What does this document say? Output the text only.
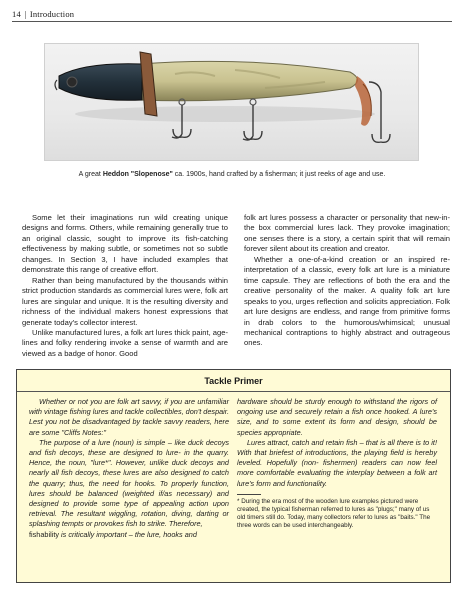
14 | Introduction
A great Heddon "Slopenose" ca. 1900s, hand crafted by a fisherman; it just reeks of age and use.

Some let their imaginations run wild creating unique designs and forms. Others, while remaining generally true to an original classic, sought to improve its fish-catching effectiveness by making subtle, or sometimes not so subtle changes. In Section 3, I have included examples that demonstrate this range of creative effort.

Rather than being manufactured by the thousands within strict production standards as commercial lures were, folk art lures are singular and unique. It is the resulting diversity and richness of the individual makers honest expressions that generate today's collector interest.

Unlike manufactured lures, a folk art lures thick paint, age-lines and folky rendering invoke a sense of warmth and are viewed as a badge of honor. Good

folk art lures possess a character or personality that new-in-the box commercial lures lack. They provoke imagination; one senses there is a story, a certain spirit that will remain forever silent about its creation and creator.

Whether a one-of-a-kind creation or an inspired re-interpretation of a classic, every folk art lure is a miniature time capsule. They are reflections of both the era and the creative personality of the maker. A quality folk art lure speaks to you, urges reflection and solicits appreciation. Folk art lure designs are endless, and range from primitive forms in drab colors to the humorous/whimsical; unusual mechanical contraptions to highly abstract and outrageous ones.

Tackle Primer

Whether or not you are folk art savvy, if you are unfamiliar with vintage fishing lures and tackle collectibles, don't despair. Lest you not be disadvantaged by tackle savvy readers, here are some "Cliffs Notes:"

The purpose of a lure (noun) is simple – like duck decoys and fish decoys, these are designed to lure- in the quarry. Hence, the noun, "lure*". However, unlike duck decoys and nearly all fish decoys, these lures are also designed to catch the quarry; thus, the need for hooks. To properly function, lures should be balanced (weighted if/as necessary) and designed to provide some type of appealing action upon retrieval. The resultant wiggling, rotation, diving, darting or splashing tempts or provokes fish to strike. Therefore,

fishability is critically important – the lure, hooks and

hardware should be sturdy enough to withstand the rigors of ongoing use and securely retain a fish once hooked. A lure's size, and to some extent its form and design, should be species appropriate.

Lures attract, catch and retain fish – that is all there is to it! With that briefest of introductions, the playing field is hereby leveled. Hopefully (non- fishermen) readers can now feel more comfortable evaluating the interplay between a folk art lure's form and functionality.

* During the era most of the wooden lure examples pictured were created, the typical fisherman referred to lures as "plugs;" many of us old timers still do. Today, many collectors refer to lures as "baits." The three words can be used interchangeably.
